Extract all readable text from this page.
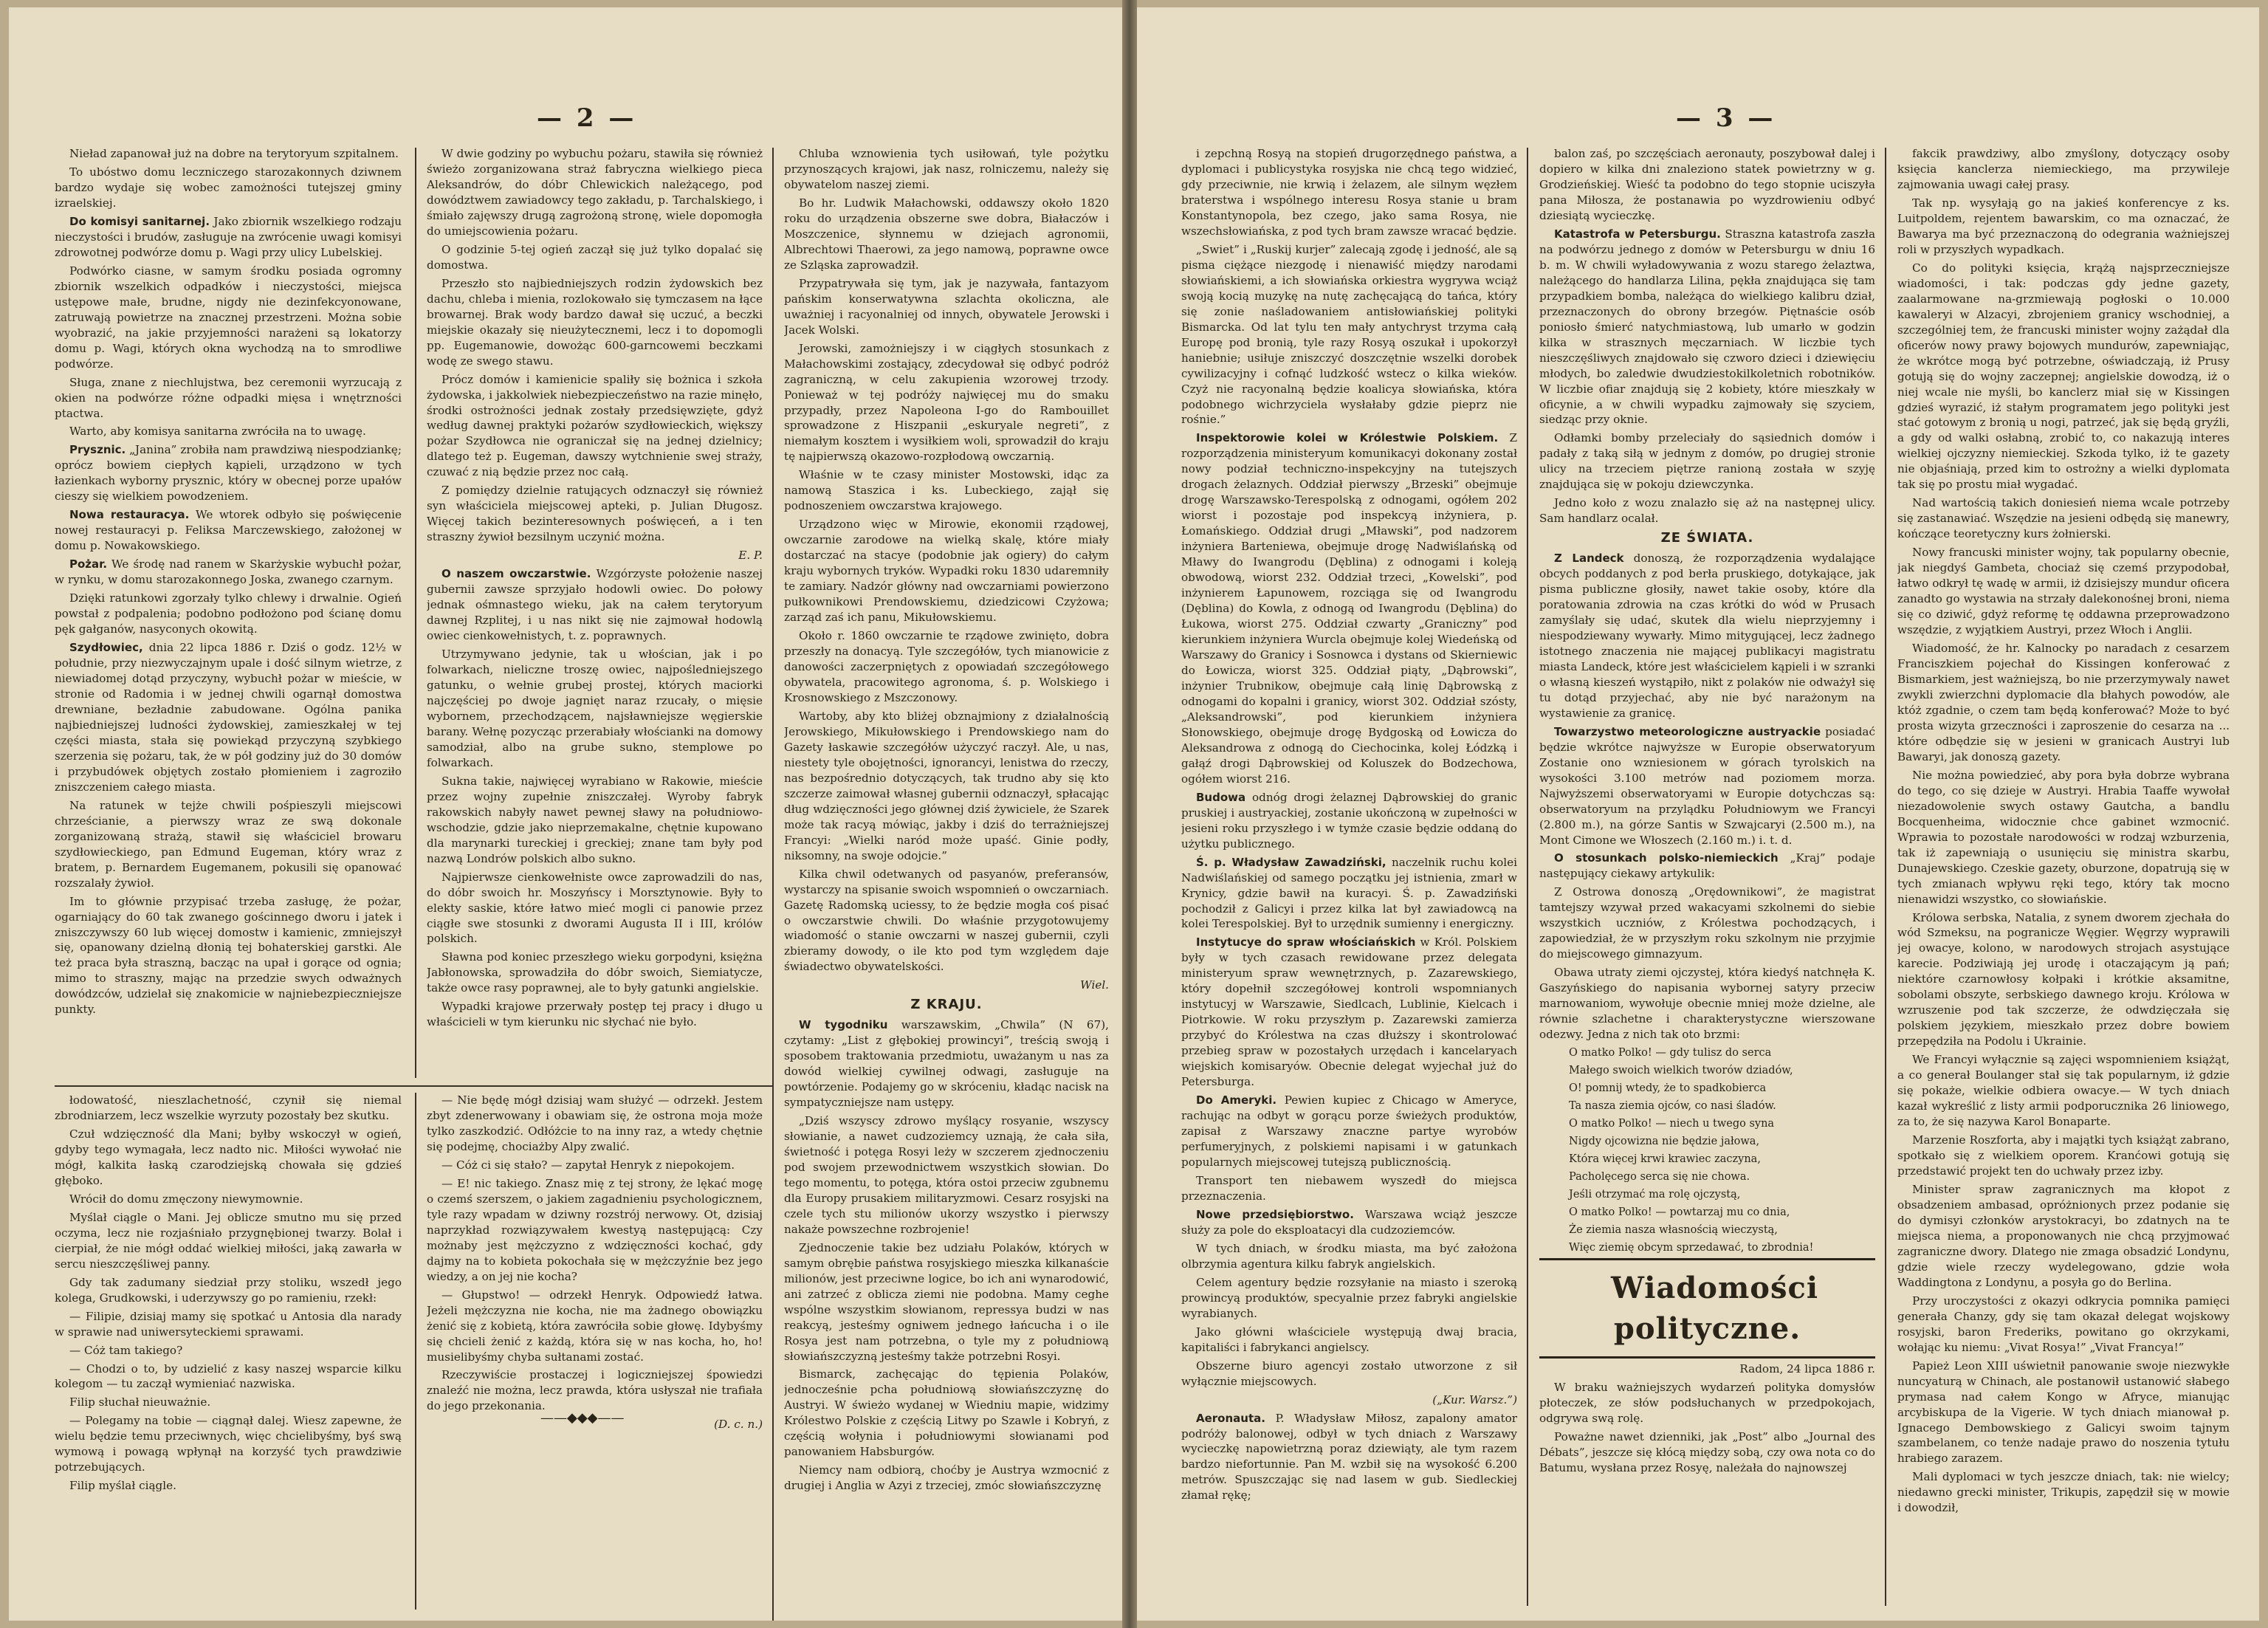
— 2 —

Nieład zapanował już na dobre na terytoryum szpitalnem.

To ubóstwo domu leczniczego starozakonnych dziwnem bardzo wydaje się wobec zamożności tutejszej gminy izraelskiej.

Do komisyi sanitarnej. Jako zbiornik wszelkiego rodzaju nieczystości i brudów, zasługuje na zwrócenie uwagi komisyi zdrowotnej podwórze domu p. Wagi przy ulicy Lubelskiej.

Podwórko ciasne, w samym środku posiada ogromny zbiornik wszelkich odpadków i nieczystości, miejsca ustępowe małe, brudne, nigdy nie dezinfekcyonowane, zatruwają powietrze na znacznej przestrzeni. Można sobie wyobrazić, na jakie przyjemności narażeni są lokatorzy domu p. Wagi, których okna wychodzą na to smrodliwe podwórze.

Sługa, znane z niechlujstwa, bez ceremonii wyrzucają z okien na podwórze różne odpadki mięsa i wnętrzności ptactwa.

Warto, aby komisya sanitarna zwróciła na to uwagę.

Prysznic. „Janina” zrobiła nam prawdziwą niespodziankę; oprócz bowiem ciepłych kąpieli, urządzono w tych łazienkach wyborny prysznic, który w obecnej porze upałów cieszy się wielkiem powodzeniem.

Nowa restauracya. We wtorek odbyło się poświęcenie nowej restauracyi p. Feliksa Marczewskiego, założonej w domu p. Nowakowskiego.

Pożar. We środę nad ranem w Skarżyskie wybuchł pożar, w rynku, w domu starozakonnego Joska, zwanego czarnym.

Dzięki ratunkowi zgorzały tylko chlewy i drwalnie. Ogień powstał z podpalenia; podobno podłożono pod ścianę domu pęk gałganów, nasyconych okowitą.

Szydłowiec, dnia 22 lipca 1886 r. Dziś o godz. 12½ w południe, przy niezwyczajnym upale i dość silnym wietrze, z niewiadomej dotąd przyczyny, wybuchł pożar w mieście, w stronie od Radomia i w jednej chwili ogarnął domostwa drewniane, bezładnie zabudowane. Ogólna panika najbiedniejszej ludności żydowskiej, zamieszkałej w tej części miasta, stała się powiekąd przyczyną szybkiego szerzenia się pożaru, tak, że w pół godziny już do 30 domów i przybudówek objętych zostało płomieniem i zagroziło zniszczeniem całego miasta.

Na ratunek w tejże chwili pośpieszyli miejscowi chrześcianie, a pierwszy wraz ze swą dokonale zorganizowaną strażą, stawił się właściciel browaru szydłowieckiego, pan Edmund Eugeman, który wraz z bratem, p. Bernardem Eugemanem, pokusili się opanować rozszalały żywioł.

Im to głównie przypisać trzeba zasługę, że pożar, ogarniający do 60 tak zwanego gościnnego dworu i jatek i zniszczywszy 60 lub więcej domostw i kamienic, zmniejszył się, opanowany dzielną dłonią tej bohaterskiej garstki. Ale też praca była straszną, bacząc na upał i gorące od ognia; mimo to straszny, mając na przedzie swych odważnych dowódzców, udzielał się znakomicie w najniebezpieczniejsze punkty.

W dwie godziny po wybuchu pożaru, stawiła się również świeżo zorganizowana straż fabryczna wielkiego pieca Aleksandrów, do dóbr Chlewickich należącego, pod dowództwem zawiadowcy tego zakładu, p. Tarchalskiego, i śmiało zajęwszy drugą zagrożoną stronę, wiele dopomogła do umiejscowienia pożaru.

O godzinie 5-tej ogień zaczął się już tylko dopalać się domostwa.

Przeszło sto najbiedniejszych rodzin żydowskich bez dachu, chleba i mienia, rozlokowało się tymczasem na łące browarnej. Brak wody bardzo dawał się uczuć, a beczki miejskie okazały się nieużytecznemi, lecz i to dopomogli pp. Eugemanowie, dowożąc 600-garncowemi beczkami wodę ze swego stawu.

Prócz domów i kamienicie spaliły się bożnica i szkoła żydowska, i jakkolwiek niebezpieczeństwo na razie minęło, środki ostrożności jednak zostały przedsięwzięte, gdyż według dawnej praktyki pożarów szydłowieckich, większy pożar Szydłowca nie ograniczał się na jednej dzielnicy; dlatego też p. Eugeman, dawszy wytchnienie swej straży, czuwać z nią będzie przez noc całą.

Z pomiędzy dzielnie ratujących odznaczył się również syn właściciela miejscowej apteki, p. Julian Długosz. Więcej takich bezinteresownych poświęceń, a i ten straszny żywioł bezsilnym uczynić można.

E. P.

O naszem owczarstwie. Wzgórzyste położenie naszej gubernii zawsze sprzyjało hodowli owiec. Do połowy jednak ośmnastego wieku, jak na całem terytoryum dawnej Rzplitej, i u nas nikt się nie zajmował hodowlą owiec cienkowełnistych, t. z. poprawnych.

Utrzymywano jedynie, tak u włościan, jak i po folwarkach, nieliczne troszę owiec, najpośledniejszego gatunku, o wełnie grubej prostej, których maciorki najczęściej po dwoje jagnięt naraz rzucały, o mięsie wybornem, przechodzącem, najsławniejsze węgierskie barany. Wełnę pozycząc przerabiały włościanki na domowy samodział, albo na grube sukno, stemplowe po folwarkach.

Sukna takie, najwięcej wyrabiano w Rakowie, mieście przez wojny zupełnie zniszczałej. Wyroby fabryk rakowskich nabyły nawet pewnej sławy na południowo-wschodzie, gdzie jako nieprzemakalne, chętnie kupowano dla marynarki tureckiej i greckiej; znane tam były pod nazwą Londrów polskich albo sukno.

Najpierwsze cienkowełniste owce zaprowadzili do nas, do dóbr swoich hr. Moszyńscy i Morsztynowie. Były to elekty saskie, które łatwo mieć mogli ci panowie przez ciągłe swe stosunki z dworami Augusta II i III, królów polskich.

Sławna pod koniec przeszłego wieku gorpodyni, księżna Jabłonowska, sprowadziła do dóbr swoich, Siemiatycze, także owce rasy poprawnej, ale to były gatunki angielskie.

Wypadki krajowe przerwały postęp tej pracy i długo u właścicieli w tym kierunku nic słychać nie było.

Chluba wznowienia tych usiłowań, tyle pożytku przynoszących krajowi, jak nasz, rolniczemu, należy się obywatelom naszej ziemi.

Bo hr. Ludwik Małachowski, oddawszy około 1820 roku do urządzenia obszerne swe dobra, Białaczów i Moszczenice, słynnemu w dziejach agronomii, Albrechtowi Thaerowi, za jego namową, poprawne owce ze Szląska zaprowadził.

Przypatrywała się tym, jak je nazywała, fantazyom pańskim konserwatywna szlachta okoliczna, ale uważniej i racyonalniej od innych, obywatele Jerowski i Jacek Wolski.

Jerowski, zamożniejszy i w ciągłych stosunkach z Małachowskimi zostający, zdecydował się odbyć podróż zagraniczną, w celu zakupienia wzorowej trzody. Ponieważ w tej podróży najwięcej mu do smaku przypadły, przez Napoleona I-go do Rambouillet sprowadzone z Hiszpanii „eskuryale negreti”, z niemałym kosztem i wysiłkiem woli, sprowadził do kraju tę najpierwszą okazowo-rozpłodową owczarnią.

Właśnie w te czasy minister Mostowski, idąc za namową Staszica i ks. Lubeckiego, zajął się podnoszeniem owczarstwa krajowego.

Urządzono więc w Mirowie, ekonomii rządowej, owczarnie zarodowe na wielką skalę, które miały dostarczać na stacye (podobnie jak ogiery) do całym kraju wybornych tryków. Wypadki roku 1830 udaremniły te zamiary. Nadzór główny nad owczarniami powierzono pułkownikowi Prendowskiemu, dziedzicowi Czyżowa; zarząd zaś ich panu, Mikułowskiemu.

Około r. 1860 owczarnie te rządowe zwinięto, dobra przeszły na donacyą. Tyle szczegółów, tych mianowicie z danowości zaczerpniętych z opowiadań szczegółowego obywatela, pracowitego agronoma, ś. p. Wolskiego i Krosnowskiego z Mszczonowy.

Wartoby, aby kto bliżej obznajmiony z działalnością Jerowskiego, Mikułowskiego i Prendowskiego nam do Gazety łaskawie szczegółów użyczyć raczył. Ale, u nas, niestety tyle obojętności, ignorancyi, lenistwa do rzeczy, nas bezpośrednio dotyczących, tak trudno aby się kto szczerze zaimował własnej gubernii odznaczył, spłacając dług wdzięczności jego głównej dziś żywiciele, że Szarek może tak racyą mówiąc, jakby i dziś do terrażniejszej Francyi: „Wielki naród może upaść. Ginie podły, niksomny, na swoje odojcie.”

Kilka chwil odetwanych od pasyanów, preferansów, wystarczy na spisanie swoich wspomnień o owczarniach. Gazetę Radomską uciessy, to że będzie mogła coś pisać o owczarstwie chwili. Do właśnie przygotowujemy wiadomość o stanie owczarni w naszej gubernii, czyli zbieramy dowody, o ile kto pod tym względem daje świadectwo obywatelskości.

Wiel.

Z KRAJU.

W tygodniku warszawskim, „Chwila” (N 67), czytamy: „List z głębokiej prowincyi”, treścią swoją i sposobem traktowania przedmiotu, uważanym u nas za dowód wielkiej cywilnej odwagi, zasługuje na powtórzenie. Podajemy go w skróceniu, kładąc nacisk na sympatyczniejsze nam ustępy.

„Dziś wszyscy zdrowo myślący rosyanie, wszyscy słowianie, a nawet cudzoziemcy uznają, że cała siła, świetność i potęga Rosyi leży w szczerem zjednoczeniu pod swojem przewodnictwem wszystkich słowian. Do tego momentu, to potęga, która ostoi przeciw zgubnemu dla Europy prusakiem militaryzmowi. Cesarz rosyjski na czele tych stu milionów ukorzy wszystko i pierwszy nakaże powszechne rozbrojenie!

Zjednoczenie takie bez udziału Polaków, których w samym obrębie państwa rosyjskiego mieszka kilkanaście milionów, jest przeciwne logice, bo ich ani wynarodowić, ani zatrzeć z oblicza ziemi nie podobna. Mamy ceghe wspólne wszystkim słowianom, repressya budzi w nas reakcyą, jesteśmy ogniwem jednego łańcucha i o ile Rosya jest nam potrzebna, o tyle my z południową słowiańszczyzną jesteśmy także potrzebni Rosyi.

Bismarck, zachęcając do tępienia Polaków, jednocześnie pcha południową słowiańszczyznę do Austryi. W świeżo wydanej w Wiedniu mapie, widzimy Królestwo Polskie z częścią Litwy po Szawle i Kobryń, z częścią wołynia i południowymi słowianami pod panowaniem Habsburgów.

Niemcy nam odbiorą, choćby je Austrya wzmocnić z drugiej i Anglia w Azyi z trzeciej, zmóc słowiańszczyznę

łodowatość, nieszlachetność, czynił się niemal zbrodniarzem, lecz wszelkie wyrzuty pozostały bez skutku.

Czuł wdzięczność dla Mani; byłby wskoczył w ogień, gdyby tego wymagała, lecz nadto nic. Miłości wywołać nie mógł, kalkita łaską czarodziejską chowała się gdzieś głęboko.

Wrócił do domu zmęczony niewymownie.

Myślał ciągle o Mani. Jej oblicze smutno mu się przed oczyma, lecz nie rozjaśniało przygnębionej twarzy. Bolał i cierpiał, że nie mógł oddać wielkiej miłości, jaką zawarła w sercu nieszczęśliwej panny.

Gdy tak zadumany siedział przy stoliku, wszedł jego kolega, Grudkowski, i uderzywszy go po ramieniu, rzekł:

— Filipie, dzisiaj mamy się spotkać u Antosia dla narady w sprawie nad uniwersyteckiemi sprawami.

— Cóż tam takiego?

— Chodzi o to, by udzielić z kasy naszej wsparcie kilku kolegom — tu zaczął wymieniać nazwiska.

Filip słuchał nieuważnie.

— Polegamy na tobie — ciągnął dalej. Wiesz zapewne, że wielu będzie temu przeciwnych, więc chcielibyśmy, byś swą wymową i powagą wpłynął na korzyść tych prawdziwie potrzebujących.

Filip myślał ciągle.

— Nie będę mógł dzisiaj wam służyć — odrzekł. Jestem zbyt zdenerwowany i obawiam się, że ostrona moja może tylko zaszkodzić. Odłóżcie to na inny raz, a wtedy chętnie się podejmę, chociażby Alpy zwalić.

— Cóż ci się stało? — zapytał Henryk z niepokojem.

— E! nic takiego. Znasz mię z tej strony, że lękać mogę o czemś szerszem, o jakiem zagadnieniu psychologicznem, tyle razy wpadam w dziwny rozstrój nerwowy. Ot, dzisiaj naprzykład rozwiązywałem kwestyą następującą: Czy możnaby jest mężczyzno z wdzięczności kochać, gdy dajmy na to kobieta pokochała się w mężczyźnie bez jego wiedzy, a on jej nie kocha?

— Głupstwo! — odrzekł Henryk. Odpowiedź łatwa. Jeżeli mężczyzna nie kocha, nie ma żadnego obowiązku żenić się z kobietą, która zawróciła sobie głowę. Idybyśmy się chcieli żenić z każdą, która się w nas kocha, ho, ho! musielibyśmy chyba sułtanami zostać.

Rzeczywiście prostaczej i logiczniejszej śpowiedzi znaleźć nie można, lecz prawda, która usłyszał nie trafiała do jego przekonania.

(D. c. n.)

——◆◆◆——
— 3 —

i zepchną Rosyą na stopień drugorzędnego państwa, a dyplomaci i publicystyka rosyjska nie chcą tego widzieć, gdy przeciwnie, nie krwią i żelazem, ale silnym węzłem braterstwa i wspólnego interesu Rosya stanie u bram Konstantynopola, bez czego, jako sama Rosya, nie wszechsłowiańska, z pod tych bram zawsze wracać będzie.

„Swiet” i „Ruskij kurjer” zalecają zgodę i jedność, ale są pisma ciężące niezgodę i nienawiść między narodami słowiańskiemi, a ich słowiańska orkiestra wygrywa wciąż swoją kocią muzykę na nutę zachęcającą do tańca, który się zonie naśladowaniem antisłowiańskiej polityki Bismarcka. Od lat tylu ten mały antychryst trzyma całą Europę pod bronią, tyle razy Rosyą oszukał i upokorzył haniebnie; usiłuje zniszczyć doszczętnie wszelki dorobek cywilizacyjny i cofnąć ludzkość wstecz o kilka wieków. Czyż nie racyonalną będzie koalicya słowiańska, która podobnego wichrzyciela wysłałaby gdzie pieprz nie rośnie.”

Inspektorowie kolei w Królestwie Polskiem. Z rozporządzenia ministeryum komunikacyi dokonany został nowy podział techniczno-inspekcyjny na tutejszych drogach żelaznych. Oddział pierwszy „Brzeski” obejmuje drogę Warszawsko-Terespolską z odnogami, ogółem 202 wiorst i pozostaje pod inspekcyą inżyniera, p. Łomańskiego. Oddział drugi „Mławski”, pod nadzorem inżyniera Barteniewa, obejmuje drogę Nadwiślańską od Mławy do Iwangrodu (Dęblina) z odnogami i koleją obwodową, wiorst 232. Oddział trzeci, „Kowelski”, pod inżynierem Łapunowem, rozciąga się od Iwangrodu (Dęblina) do Kowla, z odnogą od Iwangrodu (Dęblina) do Łukowa, wiorst 275. Oddział czwarty „Graniczny” pod kierunkiem inżyniera Wurcla obejmuje kolej Wiedeńską od Warszawy do Granicy i Sosnowca i dystans od Skierniewic do Łowicza, wiorst 325. Oddział piąty, „Dąbrowski”, inżynier Trubnikow, obejmuje całą linię Dąbrowską z odnogami do kopalni i granicy, wiorst 302. Oddział szósty, „Aleksandrowski”, pod kierunkiem inżyniera Słonowskiego, obejmuje drogę Bydgoską od Łowicza do Aleksandrowa z odnogą do Ciechocinka, kolej Łódzką i gałąź drogi Dąbrowskiej od Koluszek do Bodzechowa, ogółem wiorst 216.

Budowa odnóg drogi żelaznej Dąbrowskiej do granic pruskiej i austryackiej, zostanie ukończoną w zupełności w jesieni roku przyszłego i w tymże czasie będzie oddaną do użytku publicznego.

Ś. p. Władysław Zawadziński, naczelnik ruchu kolei Nadwiślańskiej od samego początku jej istnienia, zmarł w Krynicy, gdzie bawił na kuracyi. Ś. p. Zawadziński pochodził z Galicyi i przez kilka lat był zawiadowcą na kolei Terespolskiej. Był to urzędnik sumienny i energiczny.

Instytucye do spraw włościańskich w Król. Polskiem były w tych czasach rewidowane przez delegata ministeryum spraw wewnętrznych, p. Zazarewskiego, który dopełnił szczegółowej kontroli wspomnianych instytucyj w Warszawie, Siedlcach, Lublinie, Kielcach i Piotrkowie. W roku przyszłym p. Zazarewski zamierza przybyć do Królestwa na czas dłuższy i skontrolować przebieg spraw w pozostałych urzędach i kancelaryach wiejskich komisaryów. Obecnie delegat wyjechał już do Petersburga.

Do Ameryki. Pewien kupiec z Chicago w Ameryce, rachując na odbyt w gorącu porze świeżych produktów, zapisał z Warszawy znaczne partye wyrobów perfumeryjnych, z polskiemi napisami i w gatunkach popularnych miejscowej tutejszą publicznością.

Transport ten niebawem wyszedł do miejsca przeznaczenia.

Nowe przedsiębiorstwo. Warszawa wciąż jeszcze służy za pole do eksploatacyi dla cudzoziemców.

W tych dniach, w środku miasta, ma być założona olbrzymia agentura kilku fabryk angielskich.

Celem agentury będzie rozsyłanie na miasto i szeroką prowincyą produktów, specyalnie przez fabryki angielskie wyrabianych.

Jako główni właściciele występują dwaj bracia, kapitaliści i fabrykanci angielscy.

Obszerne biuro agencyi zostało utworzone z sił wyłącznie miejscowych.

(„Kur. Warsz.”)

Aeronauta. P. Władysław Miłosz, zapalony amator podróży balonowej, odbył w tych dniach z Warszawy wycieczkę napowietrzną poraz dziewiąty, ale tym razem bardzo niefortunnie. Pan M. wzbił się na wysokość 6.200 metrów. Spuszczając się nad lasem w gub. Siedleckiej złamał rękę;

balon zaś, po szczęściach aeronauty, poszybował dalej i dopiero w kilka dni znaleziono statek powietrzny w g. Grodzieńskiej. Wieść ta podobno do tego stopnie uciszyła pana Miłosza, że postanawia po wyzdrowieniu odbyć dziesiątą wycieczkę.

Katastrofa w Petersburgu. Straszna katastrofa zaszła na podwórzu jednego z domów w Petersburgu w dniu 16 b. m. W chwili wyładowywania z wozu starego żelaztwa, należącego do handlarza Lilina, pękła znajdująca się tam przypadkiem bomba, należąca do wielkiego kalibru dział, przeznaczonych do obrony brzegów. Piętnaście osób poniosło śmierć natychmiastową, lub umarło w godzin kilka w strasznych męczarniach. W liczbie tych nieszczęśliwych znajdowało się czworo dzieci i dziewięciu młodych, bo zaledwie dwudziestokilkoletnich robotników. W liczbie ofiar znajdują się 2 kobiety, które mieszkały w oficynie, a w chwili wypadku zajmowały się szyciem, siedząc przy oknie.

Odłamki bomby przeleciały do sąsiednich domów i padały z taką siłą w jednym z domów, po drugiej stronie ulicy na trzeciem piętrze ranioną została w szyję znajdująca się w pokoju dziewczynka.

Jedno koło z wozu znalazło się aż na następnej ulicy. Sam handlarz ocalał.

ZE ŚWIATA.

Z Landeck donoszą, że rozporządzenia wydalające obcych poddanych z pod berła pruskiego, dotykające, jak pisma publiczne głosiły, nawet takie osoby, które dla poratowania zdrowia na czas krótki do wód w Prusach zamyślały się udać, skutek dla wielu nieprzyjemny i niespodziewany wywarły. Mimo mitygującej, lecz żadnego istotnego znaczenia nie mającej publikacyi magistratu miasta Landeck, które jest właścicielem kąpieli i w szranki o własną kieszeń wystąpiło, nikt z polaków nie odważył się tu dotąd przyjechać, aby nie być narażonym na wystawienie za granicę.

Towarzystwo meteorologiczne austryackie posiadać będzie wkrótce najwyższe w Europie obserwatoryum Zostanie ono wzniesionem w górach tyrolskich na wysokości 3.100 metrów nad poziomem morza. Najwyższemi obserwatoryami w Europie dotychczas są: obserwatoryum na przylądku Południowym we Francyi (2.800 m.), na górze Santis w Szwajcaryi (2.500 m.), na Mont Cimone we Włoszech (2.160 m.) i. t. d.

O stosunkach polsko-niemieckich „Kraj” podaje następujący ciekawy artykulik:

Z Ostrowa donoszą „Orędownikowi”, że magistrat tamtejszy wzywał przed wakacyami szkolnemi do siebie wszystkich uczniów, z Królestwa pochodzących, i zapowiedział, że w przyszłym roku szkolnym nie przyjmie do miejscowego gimnazyum.

Obawa utraty ziemi ojczystej, która kiedyś natchnęła K. Gaszyńskiego do napisania wybornej satyry przeciw marnowaniom, wywołuje obecnie mniej może dzielne, ale równie szlachetne i charakterystyczne wierszowane odezwy. Jedna z nich tak oto brzmi:

O matko Polko! — gdy tulisz do serca

Małego swoich wielkich tworów dziadów,

O! pomnij wtedy, że to spadkobierca

Ta nasza ziemia ojców, co nasi śladów.

O matko Polko! — niech u twego syna

Nigdy ojcowizna nie będzie jałowa,

Która więcej krwi krawiec zaczyna,

Pacholęcego serca się nie chowa.

Jeśli otrzymać ma rolę ojczystą,

O matko Polko! — powtarzaj mu co dnia,

Że ziemia nasza własnością wieczystą,

Więc ziemię obcym sprzedawać, to zbrodnia!

Wiadomości polityczne.

Radom, 24 lipca 1886 r.

W braku ważniejszych wydarzeń polityka domysłów płoteczek, ze słów podsłuchanych w przedpokojach, odgrywa swą rolę.

Poważne nawet dzienniki, jak „Post” albo „Journal des Débats”, jeszcze się kłócą między sobą, czy owa nota co do Batumu, wysłana przez Rosyę, należała do najnowszej

fakcik prawdziwy, albo zmyślony, dotyczący osoby księcia kanclerza niemieckiego, ma przywileje zajmowania uwagi całej prasy.

Tak np. wysyłają go na jakieś konferencye z ks. Luitpoldem, rejentem bawarskim, co ma oznaczać, że Bawarya ma być przeznaczoną do odegrania ważniejszej roli w przyszłych wypadkach.

Co do polityki księcia, krążą najsprzeczniejsze wiadomości, i tak: podczas gdy jedne gazety, zaalarmowane na-grzmiewają pogłoski o 10.000 kawaleryi w Alzacyi, zbrojeniem granicy wschodniej, a szczególniej tem, że francuski minister wojny zażądał dla oficerów nowy prawy bojowych mundurów, zapewniając, że wkrótce mogą być potrzebne, oświadczają, iż Prusy gotują się do wojny zaczepnej; angielskie dowodzą, iż o niej wcale nie myśli, bo kanclerz miał się w Kissingen gdzieś wyrazić, iż stałym programatem jego polityki jest stać gotowym z bronią u nogi, patrzeć, jak się będą gryźli, a gdy od walki osłabną, zrobić to, co nakazują interes wielkiej ojczyzny niemieckiej. Szkoda tylko, iż te gazety nie objaśniają, przed kim to ostrożny a wielki dyplomata tak się po prostu miał wygadać.

Nad wartością takich doniesień niema wcale potrzeby się zastanawiać. Wszędzie na jesieni odbędą się manewry, kończące teoretyczny kurs żołnierski.

Nowy francuski minister wojny, tak popularny obecnie, jak niegdyś Gambeta, chociaż się czemś przypodobał, łatwo odkrył tę wadę w armii, iż dzisiejszy mundur oficera zanadto go wystawia na strzały dalekonośnej broni, niema się co dziwić, gdyż reformę tę oddawna przeprowadzono wszędzie, z wyjątkiem Austryi, przez Włoch i Anglii.

Wiadomość, że hr. Kalnocky po naradach z cesarzem Franciszkiem pojechał do Kissingen konferować z Bismarkiem, jest ważniejszą, bo nie przerzymywaly nawet zwykli zwierzchni dyplomacie dla błahych powodów, ale któż zgadnie, o czem tam będą konferować? Może to być prosta wizyta grzeczności i zaproszenie do cesarza na ... które odbędzie się w jesieni w granicach Austryi lub Bawaryi, jak donoszą gazety.

Nie można powiedzieć, aby pora była dobrze wybrana do tego, co się dzieje w Austryi. Hrabia Taaffe wywołał niezadowolenie swych ostawy Gautcha, a bandlu Bocquenheima, widocznie chce gabinet wzmocnić. Wprawia to pozostałe narodowości w rodzaj wzburzenia, tak iż zapewniają o usunięciu się ministra skarbu, Dunajewskiego. Czeskie gazety, oburzone, dopatrują się w tych zmianach wpływu ręki tego, który tak mocno nienawidzi wszystko, co słowiańskie.

Królowa serbska, Natalia, z synem dworem zjechała do wód Szmeksu, na pogranicze Węgier. Węgrzy wyprawili jej owacye, kolono, w narodowych strojach asystujące karecie. Podziwiają jej urodę i otaczającym ją pań; niektóre czarnowłosy kołpaki i krótkie aksamitne, sobolami obszyte, serbskiego dawnego kroju. Królowa w wzruszenie pod tak szczerze, że odwdzięczała się polskiem językiem, mieszkało przez dobre bowiem przepędziła na Podolu i Ukrainie.

We Francyi wyłącznie są zajęci wspomnieniem książąt, a co generał Boulanger stał się tak popularnym, iż gdzie się pokaże, wielkie odbiera owacye.— W tych dniach kazał wykreślić z listy armii podporucznika 26 liniowego, za to, że się nazywa Karol Bonaparte.

Marzenie Roszforta, aby i majątki tych książąt zabrano, spotkało się z wielkiem oporem. Kranćowi gotują się przedstawić projekt ten do uchwały przez izby.

Minister spraw zagranicznych ma kłopot z obsadzeniem ambasad, opróżnionych przez podanie się do dymisyi członków arystokracyi, bo zdatnych na te miejsca niema, a proponowanych nie chcą przyjmować zagraniczne dwory. Dlatego nie zmaga obsadzić Londynu, gdzie wiele rzeczy wydelegowano, gdzie woła Waddingtona z Londynu, a posyła go do Berlina.

Przy uroczystości z okazyi odkrycia pomnika pamięci generała Chanzy, gdy się tam okazał delegat wojskowy rosyjski, baron Frederiks, powitano go okrzykami, wołając ku niemu: „Vivat Rosya!” „Vivat Francya!”

Papież Leon XIII uświetnił panowanie swoje niezwykłe nuncyaturą w Chinach, ale postanowił ustanowić słabego prymasa nad całem Kongo w Afryce, mianując arcybiskupa de la Vigerie. W tych dniach mianował p. Ignacego Dembowskiego z Galicyi swoim tajnym szambelanem, co tenże nadaje prawo do noszenia tytułu hrabiego zarazem.

Mali dyplomaci w tych jeszcze dniach, tak: nie wielcy; niedawno grecki minister, Trikupis, zapędził się w mowie i dowodził,
